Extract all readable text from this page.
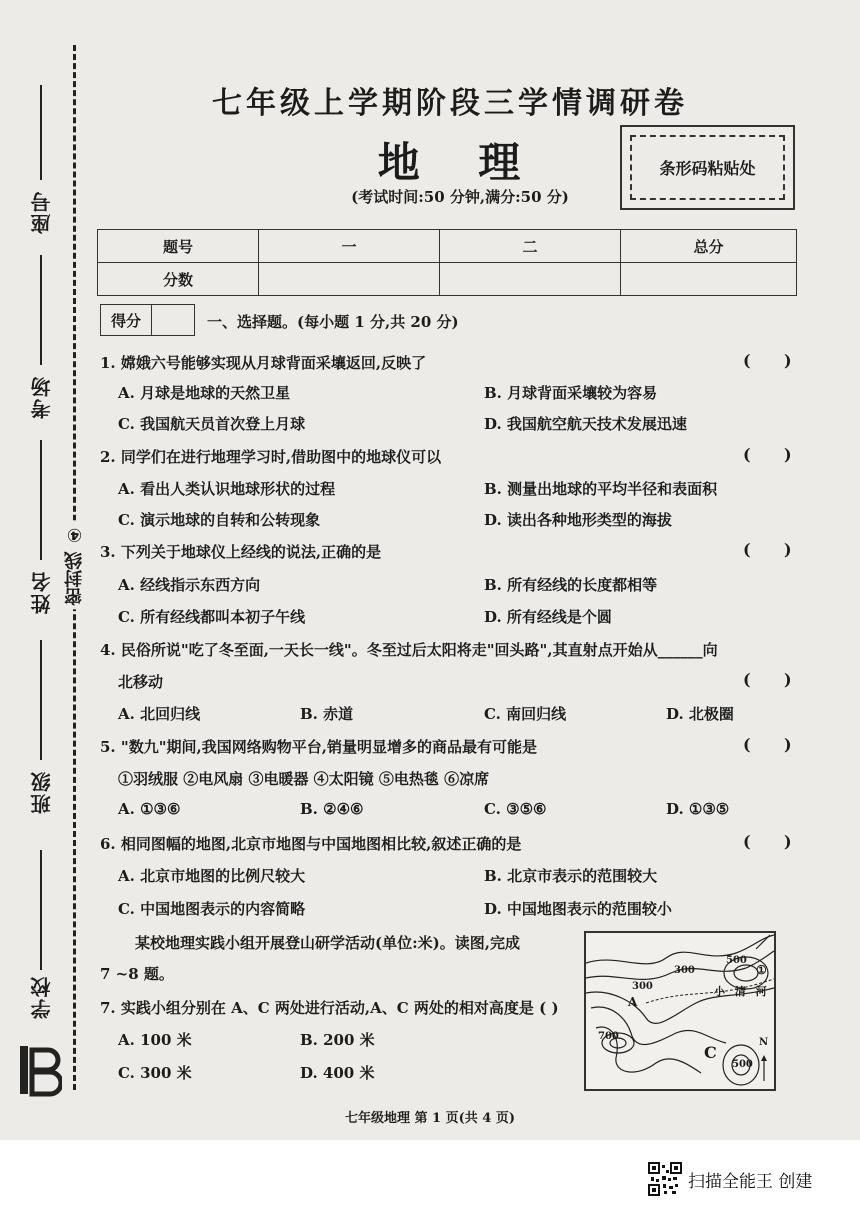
座号
考场
姓名 密封线 ④
班级
学校
七年级上学期阶段三学情调研卷
地 理
(考试时间:50 分钟,满分:50 分)
条形码粘贴处
题号	一	二	总分
分数			
得分	一、选择题。(每小题 1 分,共 20 分)
1. 嫦娥六号能够实现从月球背面采壤返回,反映了	(      )
A. 月球是地球的天然卫星	B. 月球背面采壤较为容易
C. 我国航天员首次登上月球	D. 我国航空航天技术发展迅速
2. 同学们在进行地理学习时,借助图中的地球仪可以	(      )
A. 看出人类认识地球形状的过程	B. 测量出地球的平均半径和表面积
C. 演示地球的自转和公转现象	D. 读出各种地形类型的海拔
3. 下列关于地球仪上经线的说法,正确的是	(      )
A. 经线指示东西方向	B. 所有经线的长度都相等
C. 所有经线都叫本初子午线	D. 所有经线是个圆
4. 民俗所说"吃了冬至面,一天长一线"。冬至过后太阳将走"回头路",其直射点开始从______向
北移动	(      )
A. 北回归线	B. 赤道	C. 南回归线	D. 北极圈
5. "数九"期间,我国网络购物平台,销量明显增多的商品最有可能是	(      )
①羽绒服 ②电风扇 ③电暖器 ④太阳镜 ⑤电热毯 ⑥凉席
A. ①③⑥	B. ②④⑥	C. ③⑤⑥	D. ①③⑤
6. 相同图幅的地图,北京市地图与中国地图相比较,叙述正确的是	(      )
A. 北京市地图的比例尺较大	B. 北京市表示的范围较大
C. 中国地图表示的内容简略	D. 中国地图表示的范围较小
某校地理实践小组开展登山研学活动(单位:米)。读图,完成
7 ~8 题。
7. 实践小组分别在 A、C 两处进行活动,A、C 两处的相对高度是 ( )
A. 100 米	B. 200 米
C. 300 米	D. 400 米
500
300
300
700
500
小 清 河
A
C
①
N
七年级地理 第 1 页(共 4 页)
扫描全能王 创建
